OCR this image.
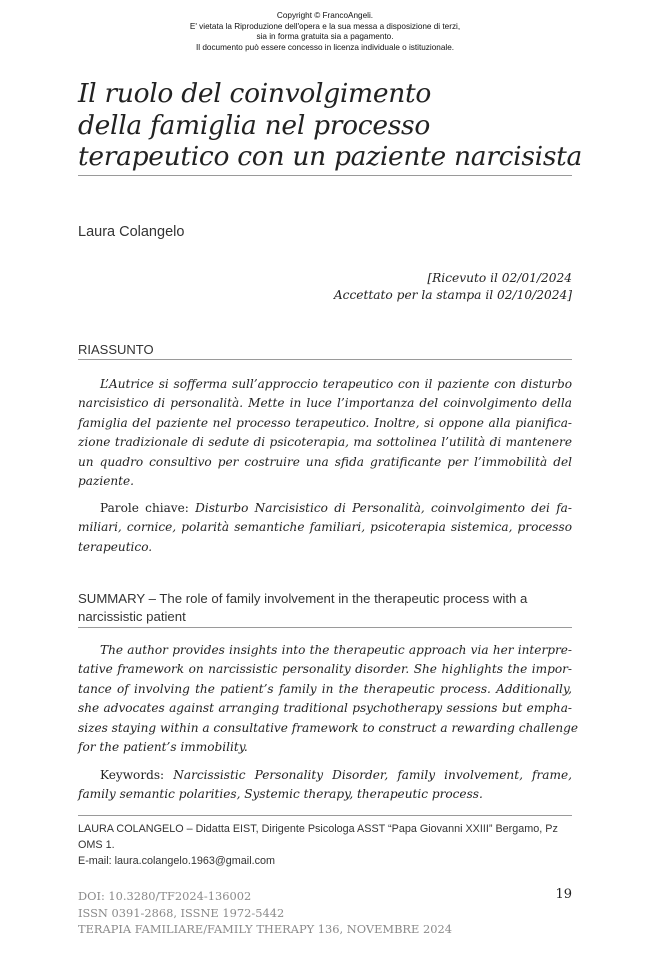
Copyright © FrancoAngeli.
E' vietata la Riproduzione dell'opera e la sua messa a disposizione di terzi,
sia in forma gratuita sia a pagamento.
Il documento può essere concesso in licenza individuale o istituzionale.
Il ruolo del coinvolgimento
della famiglia nel processo
terapeutico con un paziente narcisista
Laura Colangelo
[Ricevuto il 02/01/2024
Accettato per la stampa il 02/10/2024]
RIASSUNTO
L’Autrice si sofferma sull’approccio terapeutico con il paziente con disturbo
narcisistico di personalità. Mette in luce l’importanza del coinvolgimento della
famiglia del paziente nel processo terapeutico. Inoltre, si oppone alla pianifica-
zione tradizionale di sedute di psicoterapia, ma sottolinea l’utilità di mantenere
un quadro consultivo per costruire una sfida gratificante per l’immobilità del
paziente.
Parole chiave: Disturbo Narcisistico di Personalità, coinvolgimento dei fa-
miliari, cornice, polarità semantiche familiari, psicoterapia sistemica, processo
terapeutico.
SUMMARY – The role of family involvement in the therapeutic process with a
narcissistic patient
The author provides insights into the therapeutic approach via her interpre-
tative framework on narcissistic personality disorder. She highlights the impor-
tance of involving the patient’s family in the therapeutic process. Additionally,
she advocates against arranging traditional psychotherapy sessions but empha-
sizes staying within a consultative framework to construct a rewarding challenge
for the patient’s immobility.
Keywords: Narcissistic Personality Disorder, family involvement, frame,
family semantic polarities, Systemic therapy, therapeutic process.
LAURA COLANGELO – Didatta EIST, Dirigente Psicologa ASST “Papa Giovanni XXIII” Bergamo, Pz
OMS 1.
E-mail: laura.colangelo.1963@gmail.com
DOI: 10.3280/TF2024-136002
ISSN 0391-2868, ISSNE 1972-5442
TERAPIA FAMILIARE/FAMILY THERAPY 136, NOVEMBRE 2024
19
